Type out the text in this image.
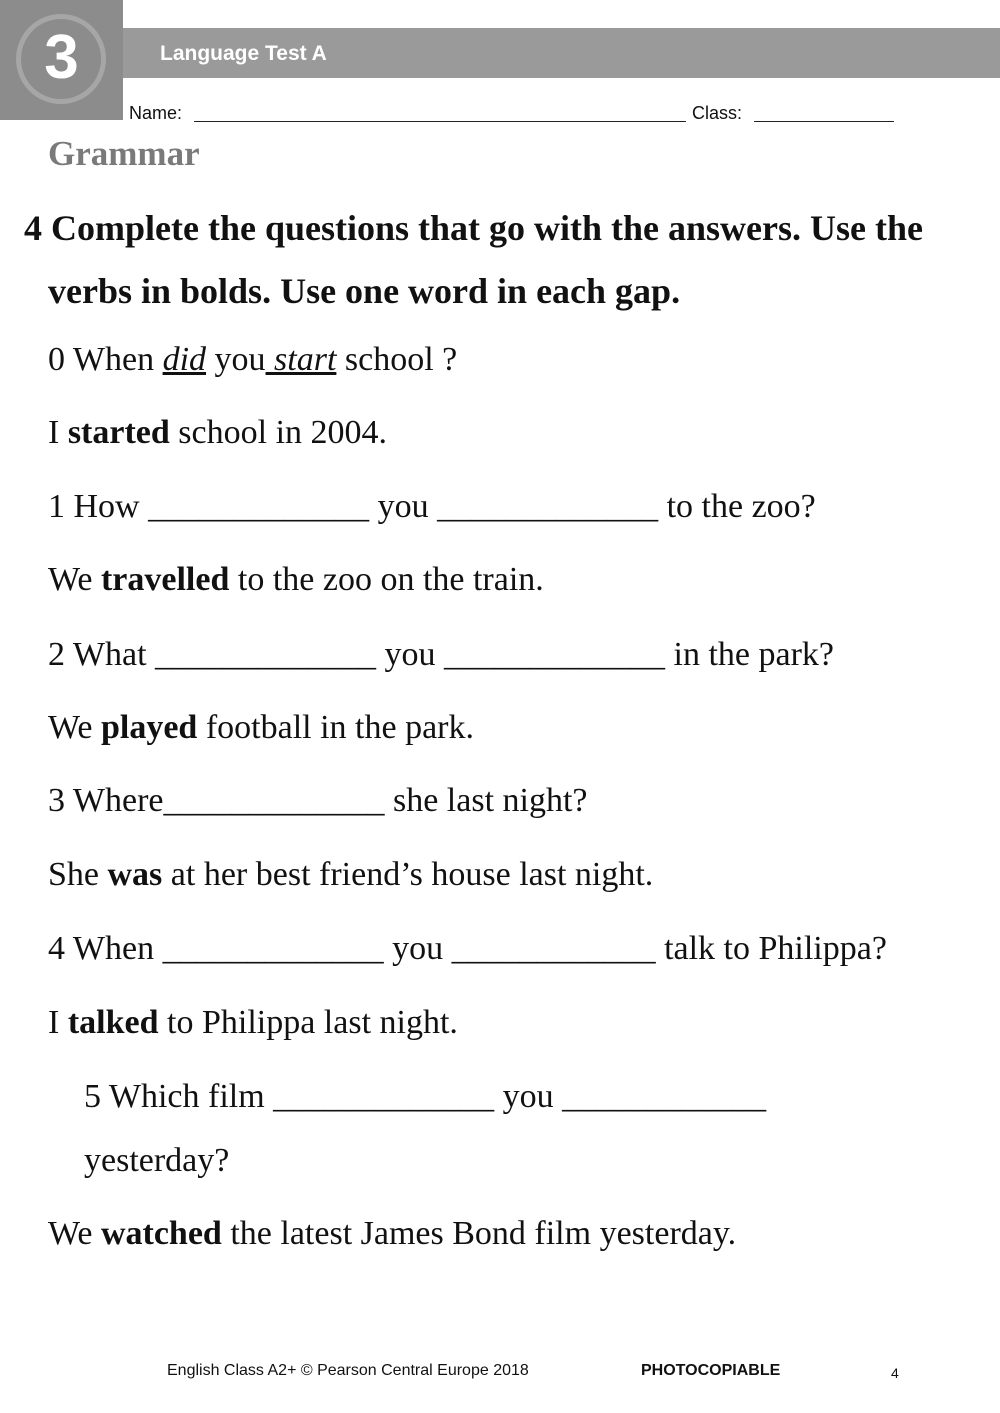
3	Language Test A
Name:	Class:
Grammar
4 Complete the questions that go with the answers. Use the
verbs in bolds. Use one word in each gap.
0 When did you start school ?
I started school in 2004.
1 How _____________ you _____________ to the zoo?
We travelled to the zoo on the train.
2 What _____________ you _____________ in the park?
We played football in the park.
3 Where_____________ she last night?
She was at her best friend’s house last night.
4 When _____________ you ____________ talk to Philippa?
I talked to Philippa last night.
5 Which film _____________ you ____________
yesterday?
We watched the latest James Bond film yesterday.
English Class A2+ © Pearson Central Europe 2018	PHOTOCOPIABLE	4
